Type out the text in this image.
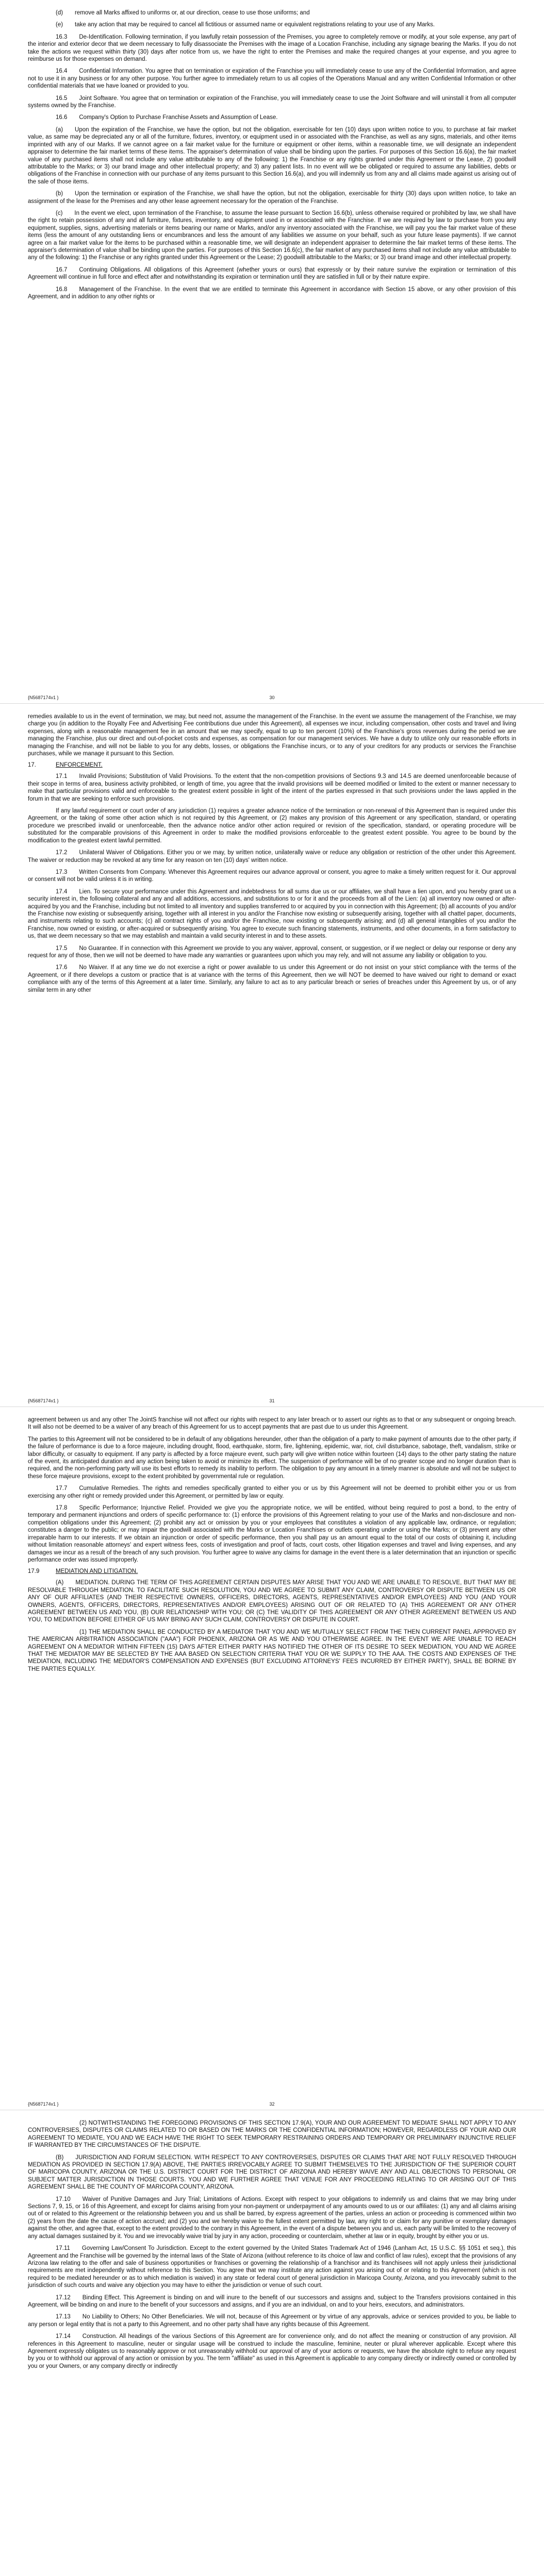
(d)  remove all Marks affixed to uniforms or, at our direction, cease to use those uniforms; and

(e)  take any action that may be required to cancel all fictitious or assumed name or equivalent registrations relating to your use of any Marks.

16.3  De-Identification. Following termination, if you lawfully retain possession of the Premises, you agree to completely remove or modify, at your sole expense, any part of the interior and exterior decor that we deem necessary to fully disassociate the Premises with the image of a Location Franchise, including any signage bearing the Marks. If you do not take the actions we request within thirty (30) days after notice from us, we have the right to enter the Premises and make the required changes at your expense, and you agree to reimburse us for those expenses on demand.

16.4  Confidential Information. You agree that on termination or expiration of the Franchise you will immediately cease to use any of the Confidential Information, and agree not to use it in any business or for any other purpose. You further agree to immediately return to us all copies of the Operations Manual and any written Confidential Information or other confidential materials that we have loaned or provided to you.

16.5  Joint Software. You agree that on termination or expiration of the Franchise, you will immediately cease to use the Joint Software and will uninstall it from all computer systems owned by the Franchise.

16.6  Company's Option to Purchase Franchise Assets and Assumption of Lease.

(a)  Upon the expiration of the Franchise, we have the option, but not the obligation, exercisable for ten (10) days upon written notice to you, to purchase at fair market value, as same may be depreciated any or all of the furniture, fixtures, inventory, or equipment used in or associated with the Franchise, as well as any signs, materials, and other items imprinted with any of our Marks. If we cannot agree on a fair market value for the furniture or equipment or other items, within a reasonable time, we will designate an independent appraiser to determine the fair market terms of these items. The appraiser's determination of value shall be binding upon the parties. For purposes of this Section 16.6(a), the fair market value of any purchased items shall not include any value attributable to any of the following: 1) the Franchise or any rights granted under this Agreement or the Lease, 2) goodwill attributable to the Marks; or 3) our brand image and other intellectual property; and 3) any patient lists. In no event will we be obligated or required to assume any liabilities, debts or obligations of the Franchise in connection with our purchase of any items pursuant to this Section 16.6(a), and you will indemnify us from any and all claims made against us arising out of the sale of those items.

(b)  Upon the termination or expiration of the Franchise, we shall have the option, but not the obligation, exercisable for thirty (30) days upon written notice, to take an assignment of the lease for the Premises and any other lease agreement necessary for the operation of the Franchise.

(c)  In the event we elect, upon termination of the Franchise, to assume the lease pursuant to Section 16.6(b), unless otherwise required or prohibited by law, we shall have the right to retain possession of any and all furniture, fixtures, inventory, and equipment used in or associated with the Franchise. If we are required by law to purchase from you any equipment, supplies, signs, advertising materials or items bearing our name or Marks, and/or any inventory associated with the Franchise, we will pay you the fair market value of these items (less the amount of any outstanding liens or encumbrances and less the amount of any liabilities we assume on your behalf, such as your future lease payments). If we cannot agree on a fair market value for the items to be purchased within a reasonable time, we will designate an independent appraiser to determine the fair market terms of these items. The appraiser's determination of value shall be binding upon the parties. For purposes of this Section 16.6(c), the fair market of any purchased items shall not include any value attributable to any of the following: 1) the Franchise or any rights granted under this Agreement or the Lease; 2) goodwill attributable to the Marks; or 3) our brand image and other intellectual property.

16.7  Continuing Obligations. All obligations of this Agreement (whether yours or ours) that expressly or by their nature survive the expiration or termination of this Agreement will continue in full force and effect after and notwithstanding its expiration or termination until they are satisfied in full or by their nature expire.

16.8  Management of the Franchise. In the event that we are entitled to terminate this Agreement in accordance with Section 15 above, or any other provision of this Agreement, and in addition to any other rights or

{N5687174v1 }	30

remedies available to us in the event of termination, we may, but need not, assume the management of the Franchise. In the event we assume the management of the Franchise, we may charge you (in addition to the Royalty Fee and Advertising Fee contributions due under this Agreement), all expenses we incur, including compensation, other costs and travel and living expenses, along with a reasonable management fee in an amount that we may specify, equal to up to ten percent (10%) of the Franchise's gross revenues during the period we are managing the Franchise, plus our direct and out-of-pocket costs and expenses, as compensation for our management services. We have a duty to utilize only our reasonable efforts in managing the Franchise, and will not be liable to you for any debts, losses, or obligations the Franchise incurs, or to any of your creditors for any products or services the Franchise purchases, while we manage it pursuant to this Section.

17.	ENFORCEMENT.

17.1  Invalid Provisions; Substitution of Valid Provisions. To the extent that the non-competition provisions of Sections 9.3 and 14.5 are deemed unenforceable because of their scope in terms of area, business activity prohibited, or length of time, you agree that the invalid provisions will be deemed modified or limited to the extent or manner necessary to make that particular provisions valid and enforceable to the greatest extent possible in light of the intent of the parties expressed in that such provisions under the laws applied in the forum in that we are seeking to enforce such provisions.

If any lawful requirement or court order of any jurisdiction (1) requires a greater advance notice of the termination or non-renewal of this Agreement than is required under this Agreement, or the taking of some other action which is not required by this Agreement, or (2) makes any provision of this Agreement or any specification, standard, or operating procedure we prescribed invalid or unenforceable, then the advance notice and/or other action required or revision of the specification, standard, or operating procedure will be substituted for the comparable provisions of this Agreement in order to make the modified provisions enforceable to the greatest extent possible. You agree to be bound by the modification to the greatest extent lawful permitted.

17.2  Unilateral Waiver of Obligations. Either you or we may, by written notice, unilaterally waive or reduce any obligation or restriction of the other under this Agreement. The waiver or reduction may be revoked at any time for any reason on ten (10) days' written notice.

17.3  Written Consents from Company. Whenever this Agreement requires our advance approval or consent, you agree to make a timely written request for it. Our approval or consent will not be valid unless it is in writing.

17.4  Lien. To secure your performance under this Agreement and indebtedness for all sums due us or our affiliates, we shall have a lien upon, and you hereby grant us a security interest in, the following collateral and any and all additions, accessions, and substitutions to or for it and the proceeds from all of the Lien: (a) all inventory now owned or after-acquired by you and the Franchise, including but not limited to all inventory and supplies transferred to or acquired by you in connection with this Agreement; (b) all accounts of you and/or the Franchise now existing or subsequently arising, together with all interest in you and/or the Franchise now existing or subsequently arising, together with all chattel paper, documents, and instruments relating to such accounts; (c) all contract rights of you and/or the Franchise, now existing or subsequently arising; and (d) all general intangibles of you and/or the Franchise, now owned or existing, or after-acquired or subsequently arising. You agree to execute such financing statements, instruments, and other documents, in a form satisfactory to us, that we deem necessary so that we may establish and maintain a valid security interest in and to these assets.

17.5  No Guarantee. If in connection with this Agreement we provide to you any waiver, approval, consent, or suggestion, or if we neglect or delay our response or deny any request for any of those, then we will not be deemed to have made any warranties or guarantees upon which you may rely, and will not assume any liability or obligation to you.

17.6  No Waiver. If at any time we do not exercise a right or power available to us under this Agreement or do not insist on your strict compliance with the terms of the Agreement, or if there develops a custom or practice that is at variance with the terms of this Agreement, then we will NOT be deemed to have waived our right to demand or exact compliance with any of the terms of this Agreement at a later time. Similarly, any failure to act as to any particular breach or series of breaches under this Agreement by us, or of any similar term in any other

{N5687174v1 }	31

agreement between us and any other The JointS franchise will not affect our rights with respect to any later breach or to assert our rights as to that or any subsequent or ongoing breach. It will also not be deemed to be a waiver of any breach of this Agreement for us to accept payments that are past due to us under this Agreement.

The parties to this Agreement will not be considered to be in default of any obligations hereunder, other than the obligation of a party to make payment of amounts due to the other party, if the failure of performance is due to a force majeure, including drought, flood, earthquake, storm, fire, lightening, epidemic, war, riot, civil disturbance, sabotage, theft, vandalism, strike or labor difficulty, or casualty to equipment. If any party is affected by a force majeure event, such party will give written notice within fourteen (14) days to the other party stating the nature of the event, its anticipated duration and any action being taken to avoid or minimize its effect. The suspension of performance will be of no greater scope and no longer duration than is required, and the non-performing party will use its best efforts to remedy its inability to perform. The obligation to pay any amount in a timely manner is absolute and will not be subject to these force majeure provisions, except to the extent prohibited by governmental rule or regulation.

17.7  Cumulative Remedies. The rights and remedies specifically granted to either you or us by this Agreement will not be deemed to prohibit either you or us from exercising any other right or remedy provided under this Agreement, or permitted by law or equity.

17.8  Specific Performance; Injunctive Relief. Provided we give you the appropriate notice, we will be entitled, without being required to post a bond, to the entry of temporary and permanent injunctions and orders of specific performance to: (1) enforce the provisions of this Agreement relating to your use of the Marks and non-disclosure and non-competition obligations under this Agreement; (2) prohibit any act or omission by you or your employees that constitutes a violation of any applicable law, ordinance, or regulation; constitutes a danger to the public; or may impair the goodwill associated with the Marks or Location Franchises or outlets operating under or using the Marks; or (3) prevent any other irreparable harm to our interests. If we obtain an injunction or order of specific performance, then you shall pay us an amount equal to the total of our costs of obtaining it, including without limitation reasonable attorneys' and expert witness fees, costs of investigation and proof of facts, court costs, other litigation expenses and travel and living expenses, and any damages we incur as a result of the breach of any such provision. You further agree to waive any claims for damage in the event there is a later determination that an injunction or specific performance order was issued improperly.

17.9	MEDIATION AND LITIGATION.

(A)  MEDIATION. DURING THE TERM OF THIS AGREEMENT CERTAIN DISPUTES MAY ARISE THAT YOU AND WE ARE UNABLE TO RESOLVE, BUT THAT MAY BE RESOLVABLE THROUGH MEDIATION. TO FACILITATE SUCH RESOLUTION, YOU AND WE AGREE TO SUBMIT ANY CLAIM, CONTROVERSY OR DISPUTE BETWEEN US OR ANY OF OUR AFFILIATES (AND THEIR RESPECTIVE OWNERS, OFFICERS, DIRECTORS, AGENTS, REPRESENTATIVES AND/OR EMPLOYEES) AND YOU (AND YOUR OWNERS, AGENTS, OFFICERS, DIRECTORS, REPRESENTATIVES AND/OR EMPLOYEES) ARISING OUT OF OR RELATED TO (A) THIS AGREEMENT OR ANY OTHER AGREEMENT BETWEEN US AND YOU, (B) OUR RELATIONSHIP WITH YOU; OR (C) THE VALIDITY OF THIS AGREEMENT OR ANY OTHER AGREEMENT BETWEEN US AND YOU, TO MEDIATION BEFORE EITHER OF US MAY BRING ANY SUCH CLAIM, CONTROVERSY OR DISPUTE IN COURT.

(1) THE MEDIATION SHALL BE CONDUCTED BY A MEDIATOR THAT YOU AND WE MUTUALLY SELECT FROM THE THEN CURRENT PANEL APPROVED BY THE AMERICAN ARBITRATION ASSOCIATION ("AAA") FOR PHOENIX, ARIZONA OR AS WE AND YOU OTHERWISE AGREE. IN THE EVENT WE ARE UNABLE TO REACH AGREEMENT ON A MEDIATOR WITHIN FIFTEEN (15) DAYS AFTER EITHER PARTY HAS NOTIFIED THE OTHER OF ITS DESIRE TO SEEK MEDIATION, YOU AND WE AGREE THAT THE MEDIATOR MAY BE SELECTED BY THE AAA BASED ON SELECTION CRITERIA THAT YOU OR WE SUPPLY TO THE AAA. THE COSTS AND EXPENSES OF THE MEDIATION, INCLUDING THE MEDIATOR'S COMPENSATION AND EXPENSES (BUT EXCLUDING ATTORNEYS' FEES INCURRED BY EITHER PARTY), SHALL BE BORNE BY THE PARTIES EQUALLY.

{N5687174v1 }	32

(2) NOTWITHSTANDING THE FOREGOING PROVISIONS OF THIS SECTION 17.9(A), YOUR AND OUR AGREEMENT TO MEDIATE SHALL NOT APPLY TO ANY CONTROVERSIES, DISPUTES OR CLAIMS RELATED TO OR BASED ON THE MARKS OR THE CONFIDENTIAL INFORMATION; HOWEVER, REGARDLESS OF YOUR AND OUR AGREEMENT TO MEDIATE, YOU AND WE EACH HAVE THE RIGHT TO SEEK TEMPORARY RESTRAINING ORDERS AND TEMPORARY OR PRELIMINARY INJUNCTIVE RELIEF IF WARRANTED BY THE CIRCUMSTANCES OF THE DISPUTE.

(B)  JURISDICTION AND FORUM SELECTION. WITH RESPECT TO ANY CONTROVERSIES, DISPUTES OR CLAIMS THAT ARE NOT FULLY RESOLVED THROUGH MEDIATION AS PROVIDED IN SECTION 17.9(A) ABOVE, THE PARTIES IRREVOCABLY AGREE TO SUBMIT THEMSELVES TO THE JURISDICTION OF THE SUPERIOR COURT OF MARICOPA COUNTY, ARIZONA OR THE U.S. DISTRICT COURT FOR THE DISTRICT OF ARIZONA AND HEREBY WAIVE ANY AND ALL OBJECTIONS TO PERSONAL OR SUBJECT MATTER JURISDICTION IN THOSE COURTS. YOU AND WE FURTHER AGREE THAT VENUE FOR ANY PROCEEDING RELATING TO OR ARISING OUT OF THIS AGREEMENT SHALL BE THE COUNTY OF MARICOPA COUNTY, ARIZONA.

17.10  Waiver of Punitive Damages and Jury Trial; Limitations of Actions. Except with respect to your obligations to indemnify us and claims that we may bring under Sections 7, 9, 15, or 16 of this Agreement, and except for claims arising from your non-payment or underpayment of any amounts owed to us or our affiliates: (1) any and all claims arising out of or related to this Agreement or the relationship between you and us shall be barred, by express agreement of the parties, unless an action or proceeding is commenced within two (2) years from the date the cause of action accrued; and (2) you and we hereby waive to the fullest extent permitted by law, any right to or claim for any punitive or exemplary damages against the other, and agree that, except to the extent provided to the contrary in this Agreement, in the event of a dispute between you and us, each party will be limited to the recovery of any actual damages sustained by it. You and we irrevocably waive trial by jury in any action, proceeding or counterclaim, whether at law or in equity, brought by either you or us.

17.11  Governing Law/Consent To Jurisdiction. Except to the extent governed by the United States Trademark Act of 1946 (Lanham Act, 15 U.S.C. §§ 1051 et seq.), this Agreement and the Franchise will be governed by the internal laws of the State of Arizona (without reference to its choice of law and conflict of law rules), except that the provisions of any Arizona law relating to the offer and sale of business opportunities or franchises or governing the relationship of a franchisor and its franchisees will not apply unless their jurisdictional requirements are met independently without reference to this Section. You agree that we may institute any action against you arising out of or relating to this Agreement (which is not required to be mediated hereunder or as to which mediation is waived) in any state or federal court of general jurisdiction in Maricopa County, Arizona, and you irrevocably submit to the jurisdiction of such courts and waive any objection you may have to either the jurisdiction or venue of such court.

17.12  Binding Effect. This Agreement is binding on and will inure to the benefit of our successors and assigns and, subject to the Transfers provisions contained in this Agreement, will be binding on and inure to the benefit of your successors and assigns, and if you are an individual, on and to your heirs, executors, and administrators.

17.13  No Liability to Others; No Other Beneficiaries. We will not, because of this Agreement or by virtue of any approvals, advice or services provided to you, be liable to any person or legal entity that is not a party to this Agreement, and no other party shall have any rights because of this Agreement.

17.14  Construction. All headings of the various Sections of this Agreement are for convenience only, and do not affect the meaning or construction of any provision. All references in this Agreement to masculine, neuter or singular usage will be construed to include the masculine, feminine, neuter or plural wherever applicable. Except where this Agreement expressly obligates us to reasonably approve or not unreasonably withhold our approval of any of your actions or requests, we have the absolute right to refuse any request by you or to withhold our approval of any action or omission by you. The term "affiliate" as used in this Agreement is applicable to any company directly or indirectly owned or controlled by you or your Owners, or any company directly or indirectly
